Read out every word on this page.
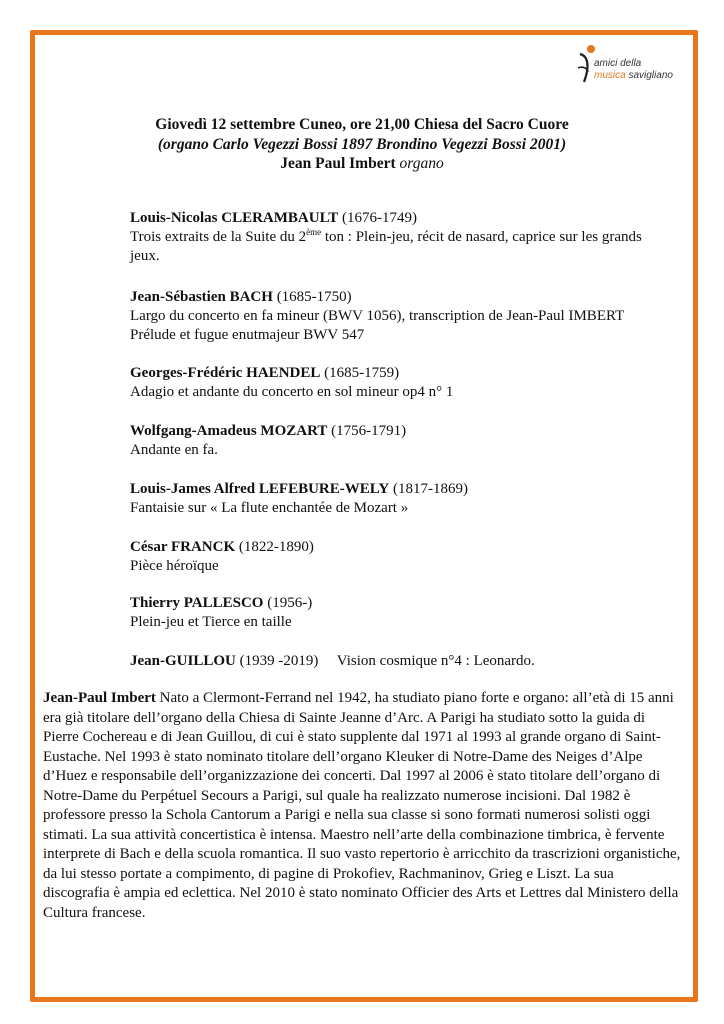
amici della
musica savigliano
Giovedì 12 settembre Cuneo, ore 21,00 Chiesa del Sacro Cuore
(organo Carlo Vegezzi Bossi 1897 Brondino Vegezzi Bossi 2001)
Jean Paul Imbert organo
Louis-Nicolas CLERAMBAULT (1676-1749)
Trois extraits de la Suite du 2ème ton : Plein-jeu, récit de nasard, caprice sur les grands jeux.
Jean-Sébastien BACH (1685-1750)
Largo du concerto en fa mineur (BWV 1056), transcription de Jean-Paul IMBERT
Prélude et fugue enutmajeur BWV 547
Georges-Frédéric HAENDEL (1685-1759)
Adagio et andante du concerto en sol mineur op4 n° 1
Wolfgang-Amadeus MOZART (1756-1791)
Andante en fa.
Louis-James Alfred LEFEBURE-WELY (1817-1869)
Fantaisie sur « La flute enchantée de Mozart »
César FRANCK (1822-1890)
Pièce héroïque
Thierry PALLESCO (1956-)
Plein-jeu et Tierce en taille
Jean-GUILLOU (1939 -2019)     Vision cosmique n°4 : Leonardo.
Jean-Paul Imbert Nato a Clermont-Ferrand nel 1942, ha studiato piano forte e organo: all’età di 15 anni era già titolare dell’organo della Chiesa di Sainte Jeanne d’Arc. A Parigi ha studiato sotto la guida di Pierre Cochereau e di Jean Guillou, di cui è stato supplente dal 1971 al 1993 al grande organo di Saint-Eustache. Nel 1993 è stato nominato titolare dell’organo Kleuker di Notre-Dame des Neiges d’Alpe d’Huez e responsabile dell’organizzazione dei concerti. Dal 1997 al 2006 è stato titolare dell’organo di Notre-Dame du Perpétuel Secours a Parigi, sul quale ha realizzato numerose incisioni. Dal 1982 è professore presso la Schola Cantorum a Parigi e nella sua classe si sono formati numerosi solisti oggi stimati. La sua attività concertistica è intensa. Maestro nell’arte della combinazione timbrica, è fervente interprete di Bach e della scuola romantica. Il suo vasto repertorio è arricchito da trascrizioni organistiche, da lui stesso portate a compimento, di pagine di Prokofiev, Rachmaninov, Grieg e Liszt. La sua discografia è ampia ed eclettica. Nel 2010 è stato nominato Officier des Arts et Lettres dal Ministero della Cultura francese.
